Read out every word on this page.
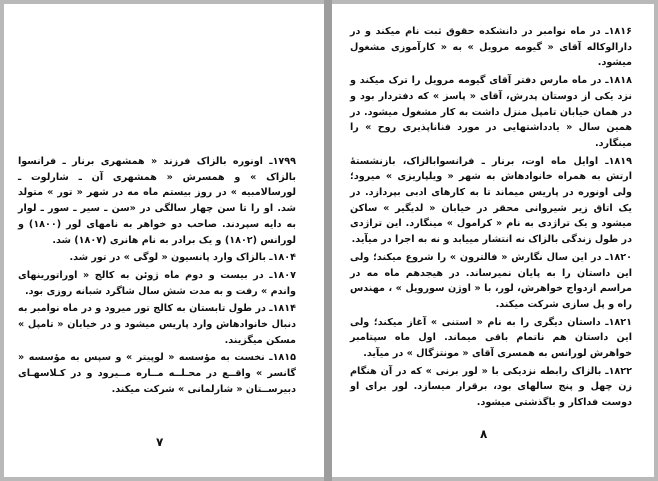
۱۷۹۹ـ اونوره بالزاک فرزند « همشهری برنار ـ فرانسوا بالزاک » و همسرش « همشهری آن ـ شارلوت ـ لورسالامبیه » در روز بیستم ماه مه در شهر « تور » متولد شد. او را تا سن چهار سالگی در «سن ـ سیر ـ سور ـ لوار به دایه سپردند. صاحب دو خواهر به نامهای لور (۱۸۰۰) و لورانس (۱۸۰۲) و یک برادر به نام هانری (۱۸۰۷) شد.

۱۸۰۴ـ بالزاک وارد پانسیون « لوگی » در تور شد.

۱۸۰۷ـ در بیست و دوم ماه ژوئن به کالج « اوراتورینهای واندم » رفت و به مدت شش سال شاگرد شبانه روزی بود.

۱۸۱۴ـ در طول تابستان به کالج تور میرود و در ماه نوامبر به دنبال خانوادهاش وارد پاریس میشود و در خیابان « تامپل » مسکن میگزیند.

۱۸۱۵ـ نخست به مؤسسه « لوپیتر » و سپس به مؤسسه « گانسر » واقــع در محـلــه مــاره مــیرود و در کـلاسهـای دبیرســتان « شارلمانی » شرکت میکند.

۷

۱۸۱۶ـ در ماه نوامبر در دانشکده حقوق ثبت نام میکند و در دارالوکاله آقای « گیومه مرویل » به « کارآموزی مشغول میشود.

۱۸۱۸ـ در ماه مارس دفتر آقای گیومه مرویل را ترک میکند و نزد یکی از دوستان پدرش، آقای « پاسز » که دفتردار بود و در همان خیابان تامپل منزل داشت به کار مشغول میشود. در همین سال « یادداشتهایی در مورد فناناپذیری روح » را مینگارد.

۱۸۱۹ـ اوایل ماه اوت، برنار ـ فرانسوابالزاک، بازنشستهٔ ارتش به همراه خانوادهاش به شهر « ویلپاریزی » میرود؛ ولی اونوره در پاریس میماند تا به کارهای ادبی بپردازد. در یک اتاق زیر شیروانی محقر در خیابان « لدیگیر » ساکن میشود و یک تراژدی به نام « کرامول » مینگارد. این تراژدی در طول زندگی بالزاک نه انتشار مییابد و نه به اجرا در میآید.

۱۸۲۰ـ در این سال نگارش « فالترون » را شروع میکند؛ ولی این داستان را به پایان نمیرساند. در هیجدهم ماه مه در مراسم ازدواج خواهرش، لور، با « اوژن سورویل » ، مهندس راه و پل سازی شرکت میکند.

۱۸۲۱ـ داستان دیگری را به نام « استنی » آغاز میکند؛ ولی این داستان هم ناتمام باقی میماند. اول ماه سپتامبر خواهرش لورانس به همسری آقای « مونتزگال » در میآید.

۱۸۲۲ـ بالزاک رابطه نزدیکی با « لور برنی » که در آن هنگام زن چهل و پنج سالهای بود، برقرار میسازد. لور برای او دوست فداکار و باگذشتی میشود.

۸
